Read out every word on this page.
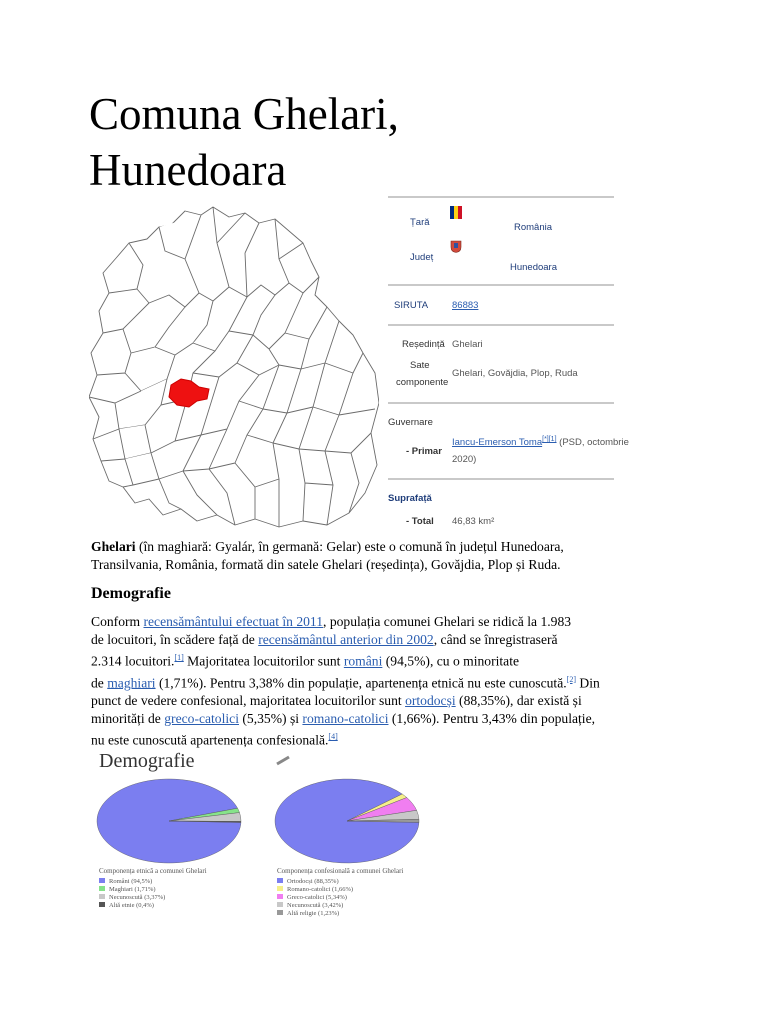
Comuna Ghelari,
Hunedoara
Țară	România
Județ
Hunedoara
SIRUTA	86883
Reședință Ghelari
Sate
componente
Ghelari, Govăjdia, Plop, Ruda
Guvernare
- Primar
Iancu-Emerson Toma[*][1] (PSD, octombrie
2020)
Suprafață
- Total 46,83 km²
Ghelari (în maghiară: Gyalár, în germană: Gelar) este o comună în județul Hunedoara,
Transilvania, România, formată din satele Ghelari (reședința), Govăjdia, Plop și Ruda.
Demografie
Conform recensământului efectuat în 2011, populația comunei Ghelari se ridică la 1.983
de locuitori, în scădere față de recensământul anterior din 2002, când se înregistraseră
2.314 locuitori.[1] Majoritatea locuitorilor sunt români (94,5%), cu o minoritate
de maghiari (1,71%). Pentru 3,38% din populație, apartenența etnică nu este cunoscută.[2] Din
punct de vedere confesional, majoritatea locuitorilor sunt ortodocși (88,35%), dar există și
minorități de greco-catolici (5,35%) și romano-catolici (1,66%). Pentru 3,43% din populație,
nu este cunoscută apartenența confesională.[4]
Demografie
Componența etnică a comunei Ghelari
Români (94,5%)
Maghiari (1,71%)
Necunoscută (3,37%)
Altă etnie (0,4%)
Componența confesională a comunei Ghelari
Ortodocși (88,35%)
Romano-catolici (1,66%)
Greco-catolici (5,34%)
Necunoscută (3,42%)
Altă religie (1,23%)
